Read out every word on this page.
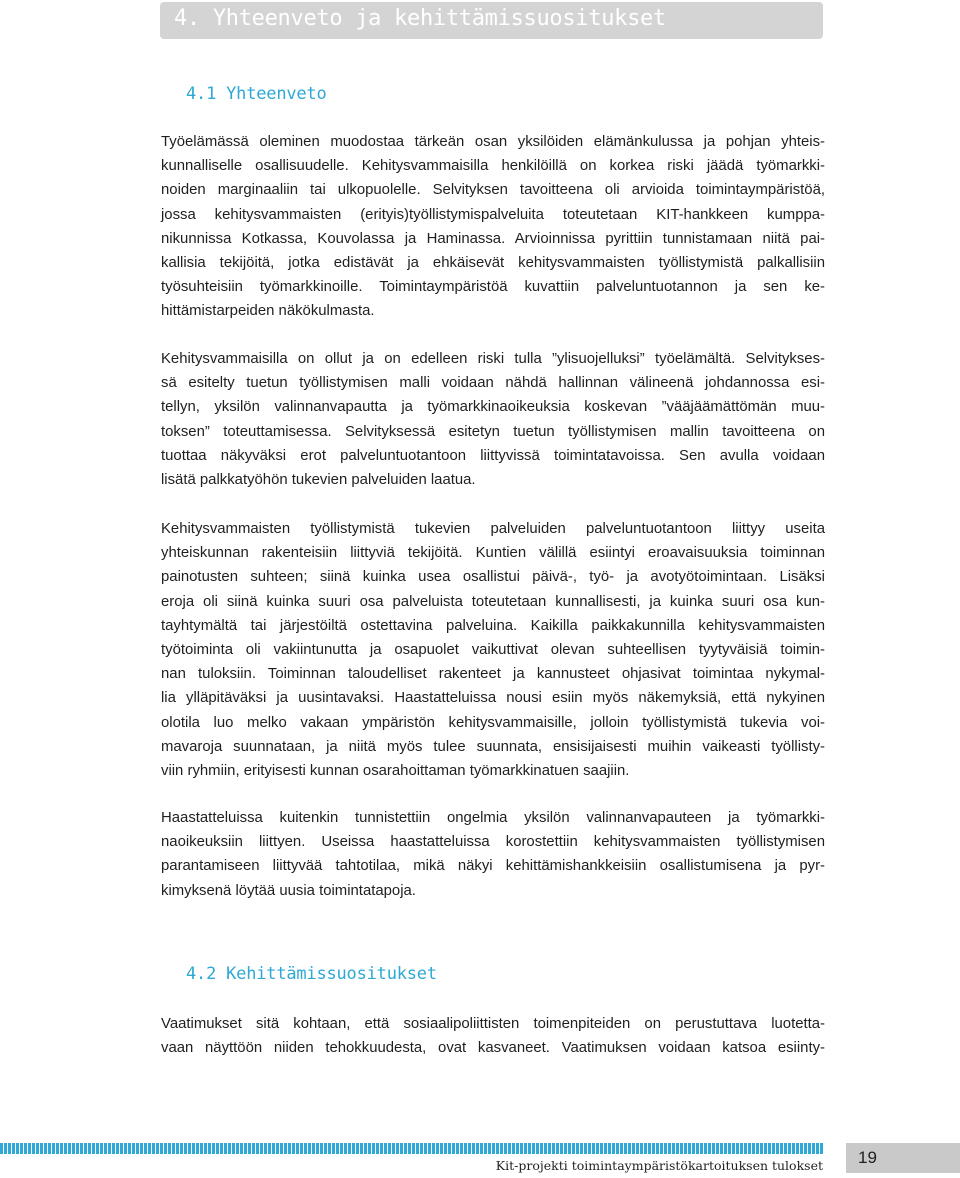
4. Yhteenveto ja kehittämissuositukset
4.1 Yhteenveto
Työelämässä oleminen muodostaa tärkeän osan yksilöiden elämänkulussa ja pohjan yhteis-
kunnalliselle osallisuudelle. Kehitysvammaisilla henkilöillä on korkea riski jäädä työmarkki-
noiden marginaaliin tai ulkopuolelle. Selvityksen tavoitteena oli arvioida toimintaympäristöä,
jossa kehitysvammaisten (erityis)työllistymispalveluita toteutetaan KIT-hankkeen kumppa-
nikunnissa Kotkassa, Kouvolassa ja Haminassa. Arvioinnissa pyrittiin tunnistamaan niitä pai-
kallisia tekijöitä, jotka edistävät ja ehkäisevät kehitysvammaisten työllistymistä palkallisiin
työsuhteisiin työmarkkinoille. Toimintaympäristöä kuvattiin palveluntuotannon ja sen ke-
hittämistarpeiden näkökulmasta.
Kehitysvammaisilla on ollut ja on edelleen riski tulla ”ylisuojelluksi” työelämältä. Selvitykses-
sä esitelty tuetun työllistymisen malli voidaan nähdä hallinnan välineenä johdannossa esi-
tellyn, yksilön valinnanvapautta ja työmarkkinaoikeuksia koskevan ”vääjäämättömän muu-
toksen” toteuttamisessa. Selvityksessä esitetyn tuetun työllistymisen mallin tavoitteena on
tuottaa näkyväksi erot palveluntuotantoon liittyvissä toimintatavoissa. Sen avulla voidaan
lisätä palkkatyöhön tukevien palveluiden laatua.
Kehitysvammaisten työllistymistä tukevien palveluiden palveluntuotantoon liittyy useita
yhteiskunnan rakenteisiin liittyviä tekijöitä. Kuntien välillä esiintyi eroavaisuuksia toiminnan
painotusten suhteen; siinä kuinka usea osallistui päivä-, työ- ja avotyötoimintaan. Lisäksi
eroja oli siinä kuinka suuri osa palveluista toteutetaan kunnallisesti, ja kuinka suuri osa kun-
tayhtymältä tai järjestöiltä ostettavina palveluina. Kaikilla paikkakunnilla kehitysvammaisten
työtoiminta oli vakiintunutta ja osapuolet vaikuttivat olevan suhteellisen tyytyväisiä toimin-
nan tuloksiin. Toiminnan taloudelliset rakenteet ja kannusteet ohjasivat toimintaa nykymal-
lia ylläpitäväksi ja uusintavaksi. Haastatteluissa nousi esiin myös näkemyksiä, että nykyinen
olotila luo melko vakaan ympäristön kehitysvammaisille, jolloin työllistymistä tukevia voi-
mavaroja suunnataan, ja niitä myös tulee suunnata, ensisijaisesti muihin vaikeasti työllisty-
viin ryhmiin, erityisesti kunnan osarahoittaman työmarkkinatuen saajiin.
Haastatteluissa kuitenkin tunnistettiin ongelmia yksilön valinnanvapauteen ja työmarkki-
naoikeuksiin liittyen. Useissa haastatteluissa korostettiin kehitysvammaisten työllistymisen
parantamiseen liittyvää tahtotilaa, mikä näkyi kehittämishankkeisiin osallistumisena ja pyr-
kimyksenä löytää uusia toimintatapoja.
4.2 Kehittämissuositukset
Vaatimukset sitä kohtaan, että sosiaalipoliittisten toimenpiteiden on perustuttava luotetta-
vaan näyttöön niiden tehokkuudesta, ovat kasvaneet. Vaatimuksen voidaan katsoa esiinty-
Kit-projekti toimintaympäristökartoituksen tulokset 19
